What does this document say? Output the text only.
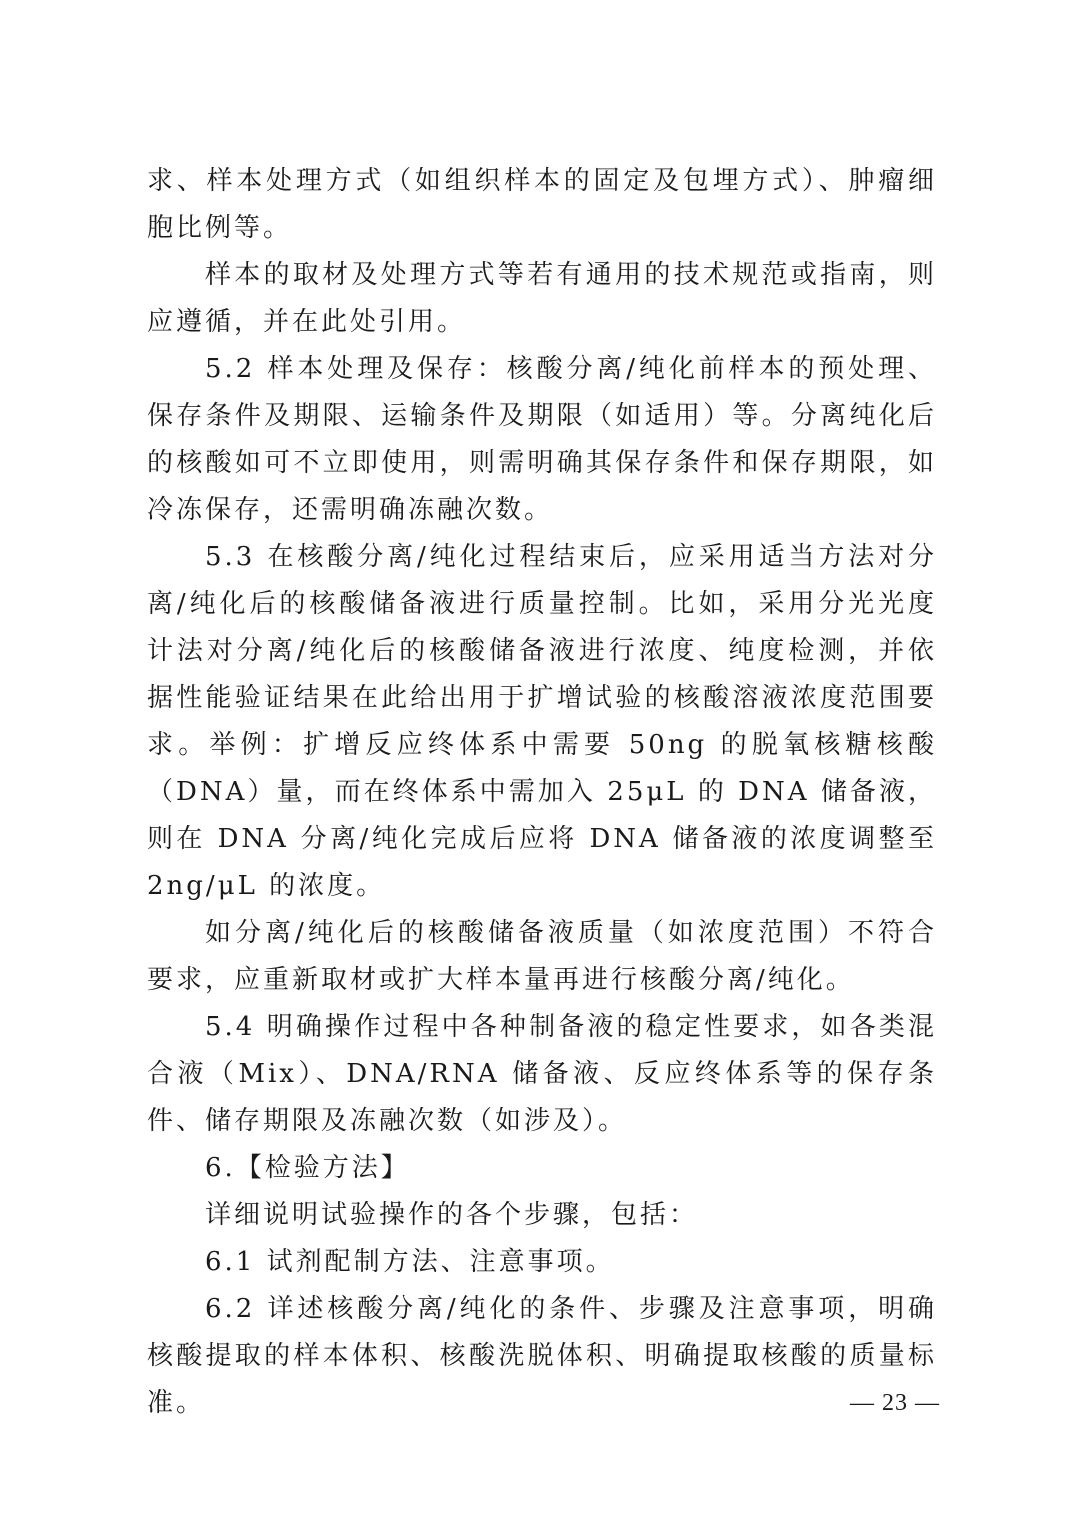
求、样本处理方式（如组织样本的固定及包埋方式）、肿瘤细胞比例等。

样本的取材及处理方式等若有通用的技术规范或指南，则应遵循，并在此处引用。

5.2 样本处理及保存：核酸分离/纯化前样本的预处理、保存条件及期限、运输条件及期限（如适用）等。分离纯化后的核酸如可不立即使用，则需明确其保存条件和保存期限，如冷冻保存，还需明确冻融次数。

5.3 在核酸分离/纯化过程结束后，应采用适当方法对分离/纯化后的核酸储备液进行质量控制。比如，采用分光光度计法对分离/纯化后的核酸储备液进行浓度、纯度检测，并依据性能验证结果在此给出用于扩增试验的核酸溶液浓度范围要求。举例：扩增反应终体系中需要 50ng 的脱氧核糖核酸（DNA）量，而在终体系中需加入 25μL 的 DNA 储备液，则在 DNA 分离/纯化完成后应将 DNA 储备液的浓度调整至 2ng/μL 的浓度。

如分离/纯化后的核酸储备液质量（如浓度范围）不符合要求，应重新取材或扩大样本量再进行核酸分离/纯化。

5.4 明确操作过程中各种制备液的稳定性要求，如各类混合液（Mix）、DNA/RNA 储备液、反应终体系等的保存条件、储存期限及冻融次数（如涉及）。

6.【检验方法】

详细说明试验操作的各个步骤，包括：

6.1 试剂配制方法、注意事项。

6.2 详述核酸分离/纯化的条件、步骤及注意事项，明确核酸提取的样本体积、核酸洗脱体积、明确提取核酸的质量标准。	— 23 —
